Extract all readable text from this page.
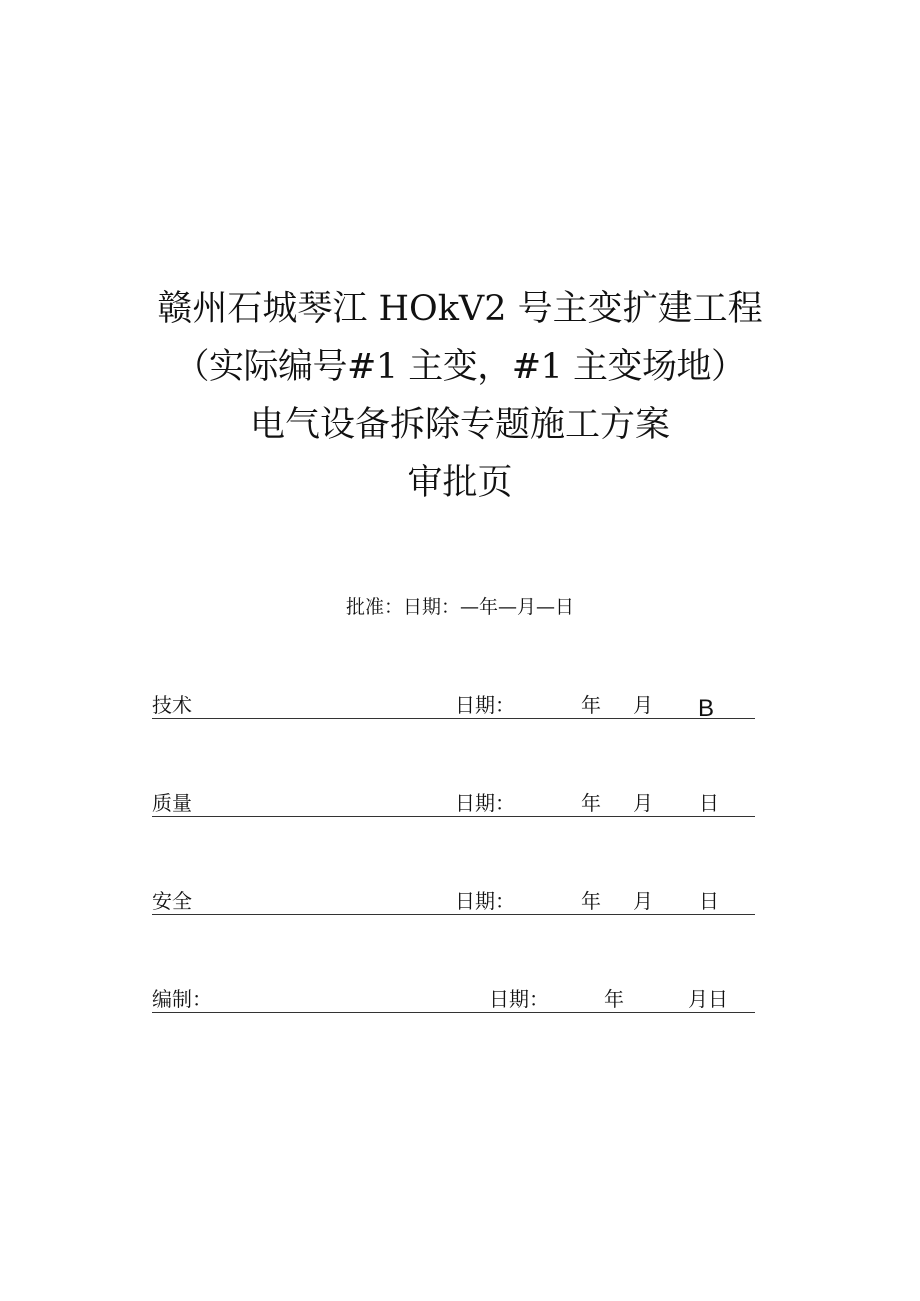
赣州石城琴江 HOkV2 号主变扩建工程
（实际编号#1 主变，#1 主变场地）
电气设备拆除专题施工方案
审批页
批准：日期：—年—月—日
技术	日期：	年 月 B
质量	日期：	年 月 日
安全	日期：	年 月 日
编制：	日期：	年	月日
